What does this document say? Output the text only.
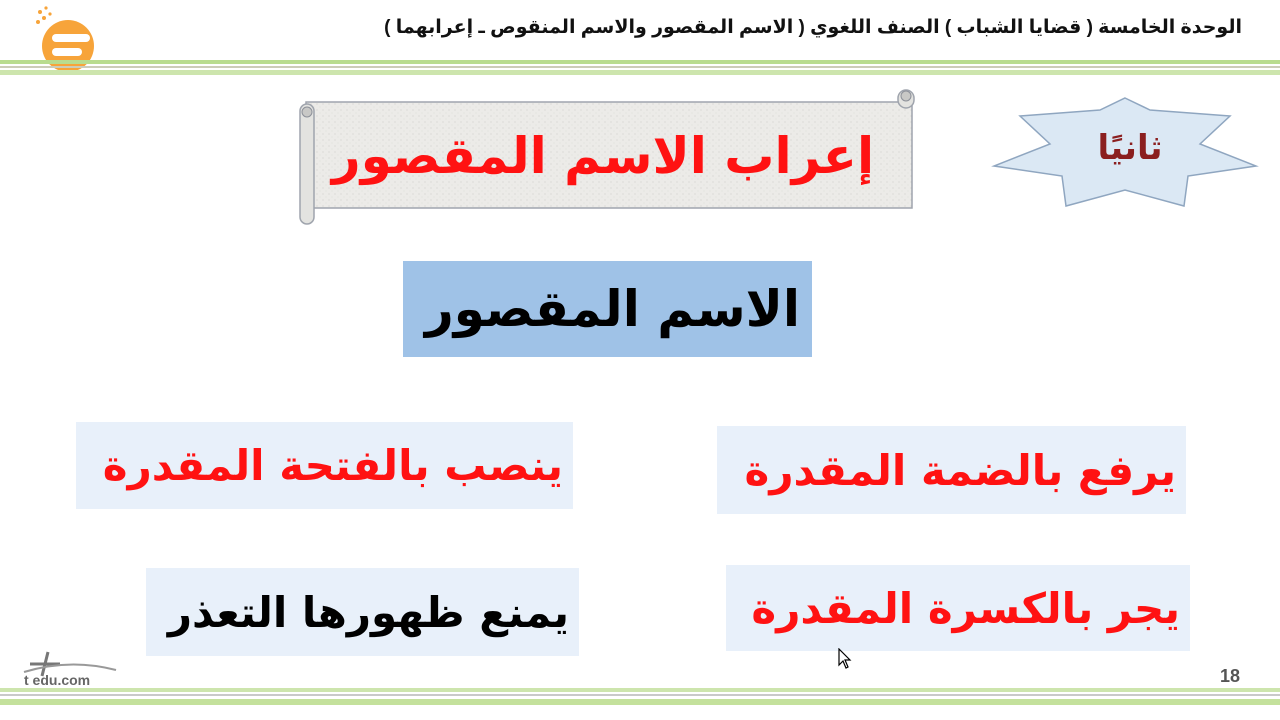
الوحدة الخامسة ( قضايا الشباب ) الصنف اللغوي ( الاسم المقصور والاسم المنقوص ـ إعرابهما )
إعراب الاسم المقصور	ثانيًا
الاسم المقصور
يرفع بالضمة المقدرة
ينصب بالفتحة المقدرة
يجر بالكسرة المقدرة
يمنع ظهورها التعذر
t edu.com	18
